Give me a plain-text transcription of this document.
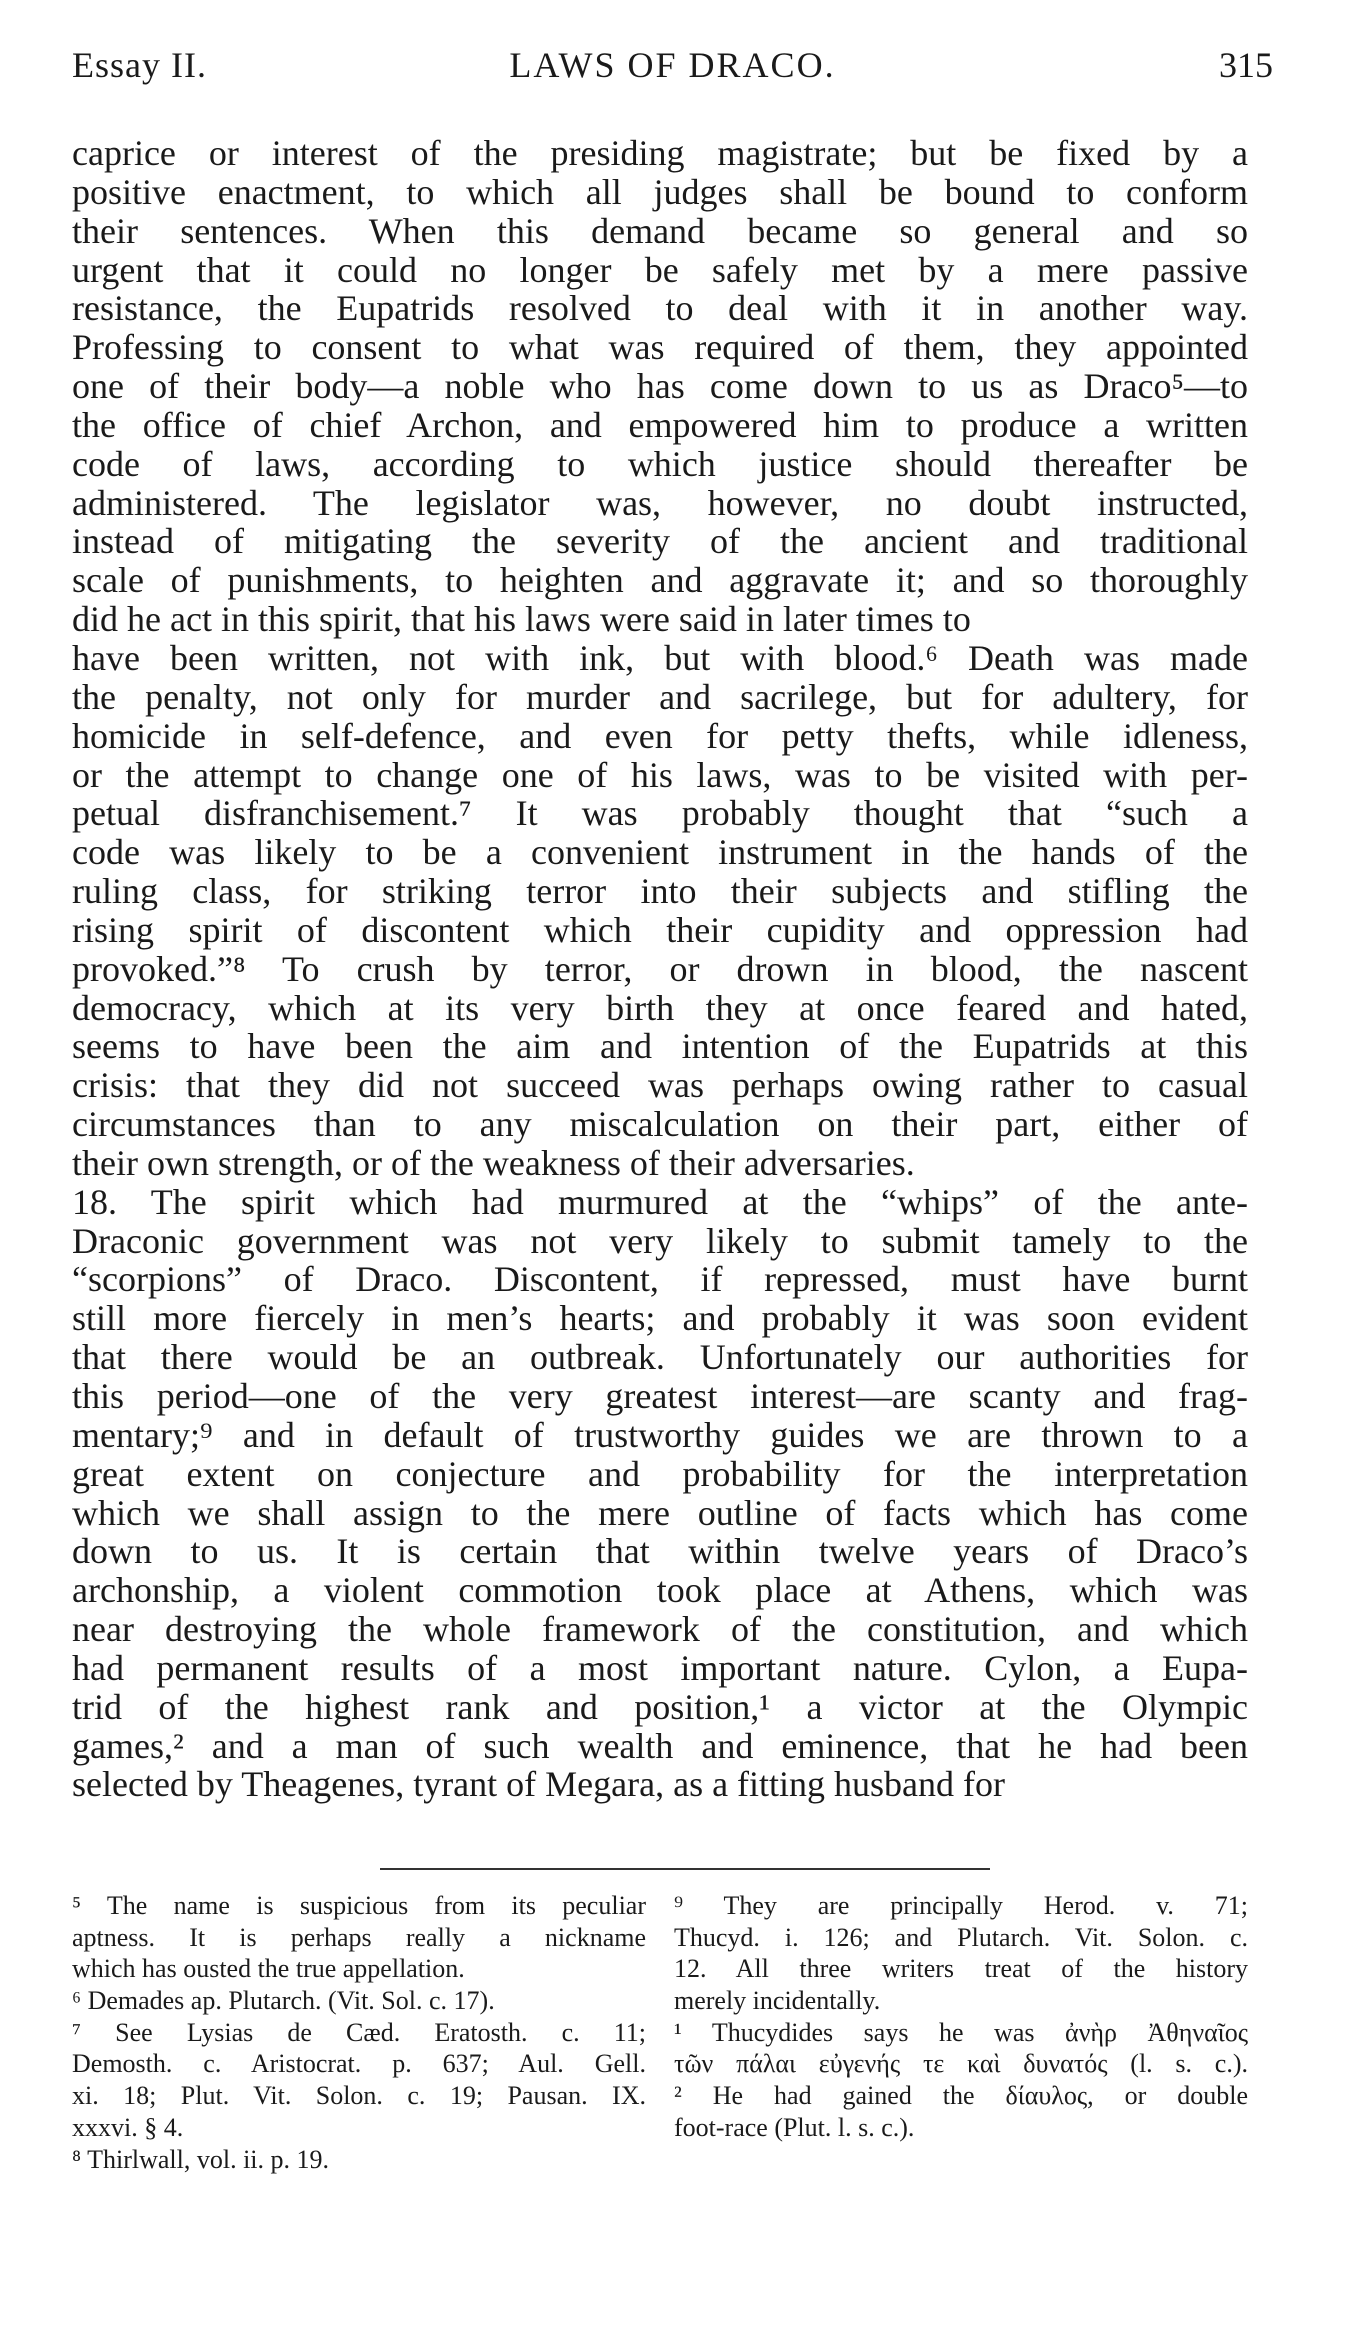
Essay II.	LAWS OF DRACO.	315
caprice or interest of the presiding magistrate; but be fixed by a
positive enactment, to which all judges shall be bound to conform
their sentences. When this demand became so general and so
urgent that it could no longer be safely met by a mere passive
resistance, the Eupatrids resolved to deal with it in another way.
Professing to consent to what was required of them, they appointed
one of their body—a noble who has come down to us as Draco⁵—to
the office of chief Archon, and empowered him to produce a written
code of laws, according to which justice should thereafter be
administered. The legislator was, however, no doubt instructed,
instead of mitigating the severity of the ancient and traditional
scale of punishments, to heighten and aggravate it; and so thoroughly
did he act in this spirit, that his laws were said in later times to
have been written, not with ink, but with blood.⁶ Death was made
the penalty, not only for murder and sacrilege, but for adultery, for
homicide in self-defence, and even for petty thefts, while idleness,
or the attempt to change one of his laws, was to be visited with per-
petual disfranchisement.⁷ It was probably thought that “such a
code was likely to be a convenient instrument in the hands of the
ruling class, for striking terror into their subjects and stifling the
rising spirit of discontent which their cupidity and oppression had
provoked.”⁸ To crush by terror, or drown in blood, the nascent
democracy, which at its very birth they at once feared and hated,
seems to have been the aim and intention of the Eupatrids at this
crisis: that they did not succeed was perhaps owing rather to casual
circumstances than to any miscalculation on their part, either of
their own strength, or of the weakness of their adversaries.
18. The spirit which had murmured at the “whips” of the ante-
Draconic government was not very likely to submit tamely to the
“scorpions” of Draco. Discontent, if repressed, must have burnt
still more fiercely in men’s hearts; and probably it was soon evident
that there would be an outbreak. Unfortunately our authorities for
this period—one of the very greatest interest—are scanty and frag-
mentary;⁹ and in default of trustworthy guides we are thrown to a
great extent on conjecture and probability for the interpretation
which we shall assign to the mere outline of facts which has come
down to us. It is certain that within twelve years of Draco’s
archonship, a violent commotion took place at Athens, which was
near destroying the whole framework of the constitution, and which
had permanent results of a most important nature. Cylon, a Eupa-
trid of the highest rank and position,¹ a victor at the Olympic
games,² and a man of such wealth and eminence, that he had been
selected by Theagenes, tyrant of Megara, as a fitting husband for
⁵ The name is suspicious from its peculiar
aptness. It is perhaps really a nickname
which has ousted the true appellation.
⁶ Demades ap. Plutarch. (Vit. Sol. c. 17).
⁷ See Lysias de Cæd. Eratosth. c. 11;
Demosth. c. Aristocrat. p. 637; Aul. Gell.
xi. 18; Plut. Vit. Solon. c. 19; Pausan. IX.
xxxvi. § 4.
⁸ Thirlwall, vol. ii. p. 19.
⁹ They are principally Herod. v. 71;
Thucyd. i. 126; and Plutarch. Vit. Solon. c.
12. All three writers treat of the history
merely incidentally.
¹ Thucydides says he was ἀνὴρ Ἀθηναῖος
τῶν πάλαι εὐγενής τε καὶ δυνατός (l. s. c.).
² He had gained the δίαυλος, or double
foot-race (Plut. l. s. c.).
